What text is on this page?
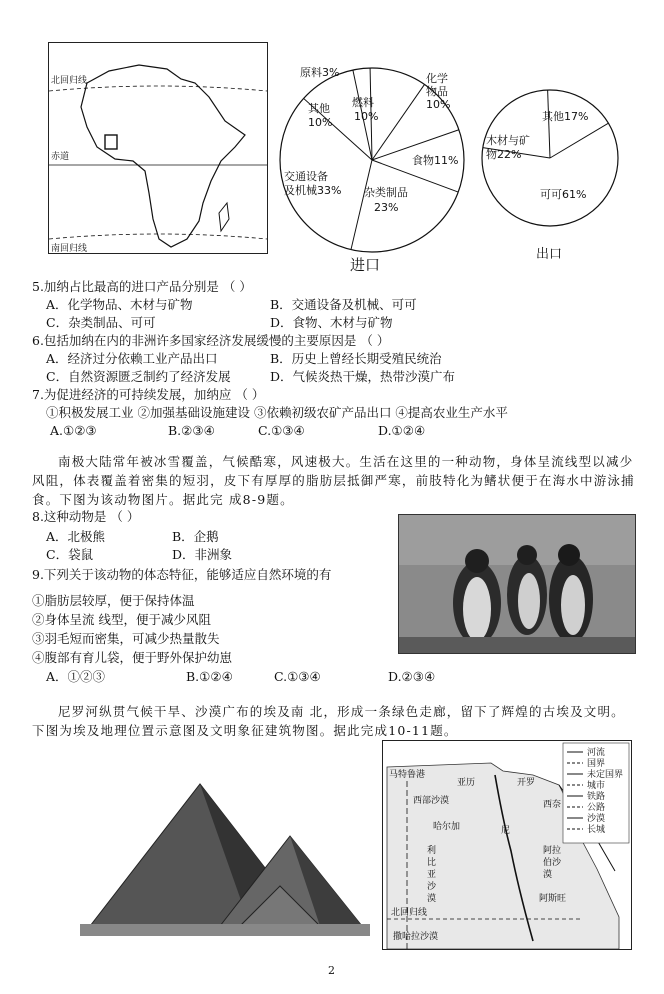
北回归线
赤道
南回归线
原料3%	化学
物品
10%
燃料
10%
其他
10%
食物11%
交通设备
及机械33% 杂类制品
23%
进口
其他17%
木材与矿
物22%
可可61%
出口
5.加纳占比最高的进口产品分别是 （ ）
A．化学物品、木材与矿物	B．交通设备及机械、可可
C．杂类制品、可可	D．食物、木材与矿物
6.包括加纳在内的非洲许多国家经济发展缓慢的主要原因是 （ ）
A．经济过分依赖工业产品出口	B．历史上曾经长期受殖民统治
C．自然资源匮乏制约了经济发展	D．气候炎热干燥，热带沙漠广布
7.为促进经济的可持续发展，加纳应 （ ）
①积极发展工业 ②加强基础设施建设 ③依赖初级农矿产品出口 ④提高农业生产水平
A.①②③	B.②③④	C.①③④	D.①②④
南极大陆常年被冰雪覆盖，气候酷寒，风速极大。生活在这里的一种动物，身体呈流线型以减少风阻，体表覆盖着密集的短羽，皮下有厚厚的脂肪层抵御严寒，前肢特化为鳍状便于在海水中游泳捕食。下图为该动物图片。据此完 成8-9题。
8.这种动物是 （ ）
A．北极熊	B．企鹅
C．袋鼠	D．非洲象
9.下列关于该动物的体态特征，能够适应自然环境的有
①脂肪层较厚，便于保持体温
②身体呈流 线型，便于减少风阻
③羽毛短而密集，可减少热量散失
④腹部有育儿袋，便于野外保护幼崽
A．①②③	B.①②④	C.①③④	D.②③④
尼罗河纵贯气候干旱、沙漠广布的埃及南 北，形成一条绿色走廊，留下了辉煌的古埃及文明。下图为埃及地理位置示意图及文明象征建筑物图。据此完成10-11题。
河流
国界
未定国界
城市
铁路
公路
沙漠
长城
马特鲁港
亚历	开罗
西部沙漠
哈尔加	尼
西奈
利
比
亚
沙
漠
阿拉
伯沙
漠
阿斯旺
北回归线
撒哈拉沙漠
2
